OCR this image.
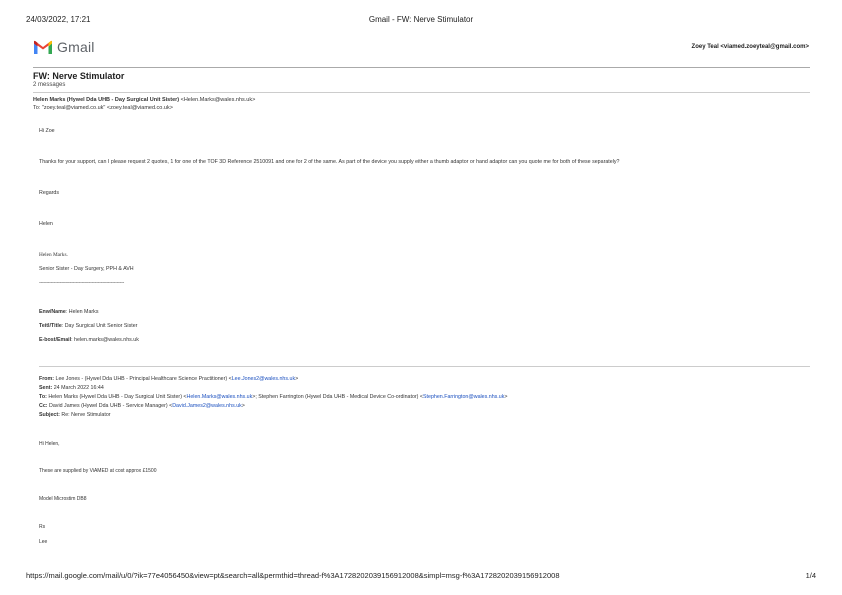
24/03/2022, 17:21	Gmail - FW: Nerve Stimulator
Gmail	Zoey Teal <viamed.zoeyteal@gmail.com>
FW: Nerve Stimulator
2 messages
Helen Marks (Hywel Dda UHB - Day Surgical Unit Sister) <Helen.Marks@wales.nhs.uk>
To: "zoey.teal@viamed.co.uk" <zoey.teal@viamed.co.uk>
Hi Zoe
Thanks for your support, can I please request 2 quotes, 1 for one of the TOF 3D Reference 2510091 and one for 2 of the same. As part of the device you supply either a thumb adaptor or hand adaptor can you quote me for both of these separately?
Regards
Helen
Helen Marks.
Senior Sister - Day Surgery, PPH & AVH
----------------------------------------------------------
Enw/Name: Helen Marks
Teitl/Title: Day Surgical Unit Senior Sister
E-bost/Email: helen.marks@wales.nhs.uk
From: Lee Jones - (Hywel Dda UHB - Principal Healthcare Science Practitioner) <Lee.Jones2@wales.nhs.uk>
Sent: 24 March 2022 16:44
To: Helen Marks (Hywel Dda UHB - Day Surgical Unit Sister) <Helen.Marks@wales.nhs.uk>; Stephen Farrington (Hywel Dda UHB - Medical Device Co-ordinator) <Stephen.Farrington@wales.nhs.uk>
Cc: David James (Hywel Dda UHB - Service Manager) <David.James2@wales.nhs.uk>
Subject: Re: Nerve Stimulator
Hi Helen,
These are supplied by ViAMED at cost approx £1500
Model Microstim DB8
Rs
Lee
https://mail.google.com/mail/u/0/?ik=77e4056450&view=pt&search=all&permthid=thread-f%3A1728202039156912008&simpl=msg-f%3A1728202039156912008	1/4
